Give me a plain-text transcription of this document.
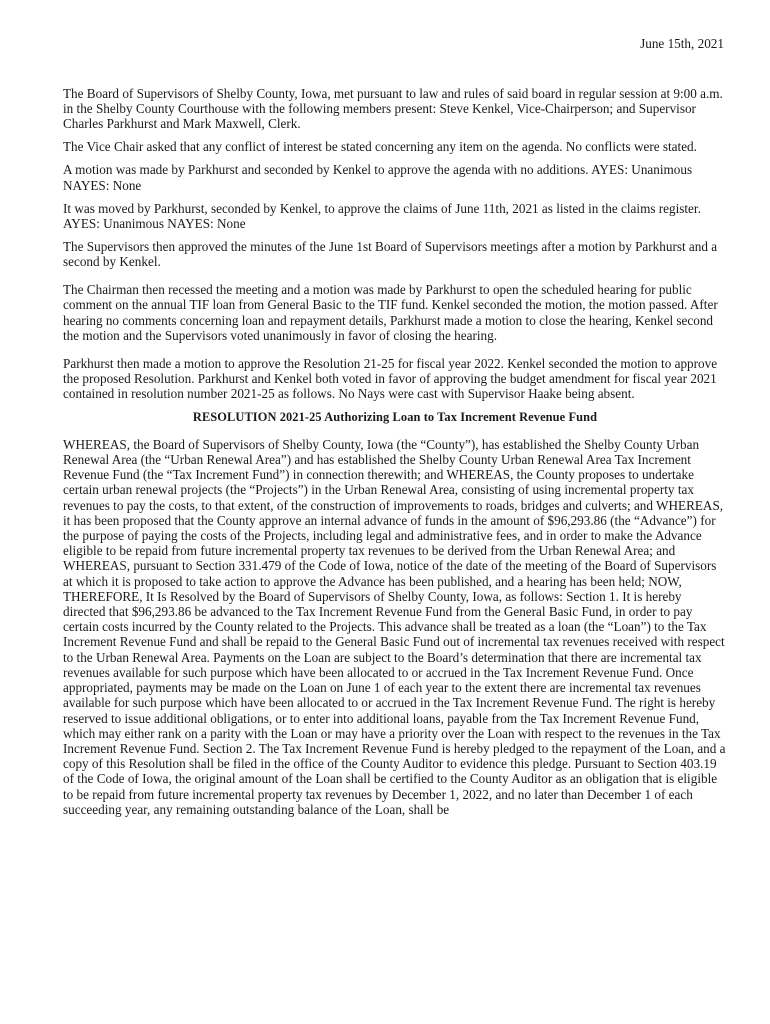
June 15th, 2021

The Board of Supervisors of Shelby County, Iowa, met pursuant to law and rules of said board in regular session at 9:00 a.m. in the Shelby County Courthouse with the following members present: Steve Kenkel, Vice-Chairperson; and Supervisor Charles Parkhurst and Mark Maxwell, Clerk.

The Vice Chair asked that any conflict of interest be stated concerning any item on the agenda. No conflicts were stated.

A motion was made by Parkhurst and seconded by Kenkel to approve the agenda with no additions. AYES: Unanimous NAYES: None

It was moved by Parkhurst, seconded by Kenkel, to approve the claims of June 11th, 2021 as listed in the claims register. AYES: Unanimous NAYES: None

The Supervisors then approved the minutes of the June 1st Board of Supervisors meetings after a motion by Parkhurst and a second by Kenkel.

The Chairman then recessed the meeting and a motion was made by Parkhurst to open the scheduled hearing for public comment on the annual TIF loan from General Basic to the TIF fund. Kenkel seconded the motion, the motion passed. After hearing no comments concerning loan and repayment details, Parkhurst made a motion to close the hearing, Kenkel second the motion and the Supervisors voted unanimously in favor of closing the hearing.

Parkhurst then made a motion to approve the Resolution 21-25 for fiscal year 2022. Kenkel seconded the motion to approve the proposed Resolution. Parkhurst and Kenkel both voted in favor of approving the budget amendment for fiscal year 2021 contained in resolution number 2021-25 as follows. No Nays were cast with Supervisor Haake being absent.

RESOLUTION 2021-25 Authorizing Loan to Tax Increment Revenue Fund

WHEREAS, the Board of Supervisors of Shelby County, Iowa (the “County”), has established the Shelby County Urban Renewal Area (the “Urban Renewal Area”) and has established the Shelby County Urban Renewal Area Tax Increment Revenue Fund (the “Tax Increment Fund”) in connection therewith; and WHEREAS, the County proposes to undertake certain urban renewal projects (the “Projects”) in the Urban Renewal Area, consisting of using incremental property tax revenues to pay the costs, to that extent, of the construction of improvements to roads, bridges and culverts; and WHEREAS, it has been proposed that the County approve an internal advance of funds in the amount of $96,293.86 (the “Advance”) for the purpose of paying the costs of the Projects, including legal and administrative fees, and in order to make the Advance eligible to be repaid from future incremental property tax revenues to be derived from the Urban Renewal Area; and WHEREAS, pursuant to Section 331.479 of the Code of Iowa, notice of the date of the meeting of the Board of Supervisors at which it is proposed to take action to approve the Advance has been published, and a hearing has been held; NOW, THEREFORE, It Is Resolved by the Board of Supervisors of Shelby County, Iowa, as follows: Section 1. It is hereby directed that $96,293.86 be advanced to the Tax Increment Revenue Fund from the General Basic Fund, in order to pay certain costs incurred by the County related to the Projects. This advance shall be treated as a loan (the “Loan”) to the Tax Increment Revenue Fund and shall be repaid to the General Basic Fund out of incremental tax revenues received with respect to the Urban Renewal Area. Payments on the Loan are subject to the Board’s determination that there are incremental tax revenues available for such purpose which have been allocated to or accrued in the Tax Increment Revenue Fund. Once appropriated, payments may be made on the Loan on June 1 of each year to the extent there are incremental tax revenues available for such purpose which have been allocated to or accrued in the Tax Increment Revenue Fund. The right is hereby reserved to issue additional obligations, or to enter into additional loans, payable from the Tax Increment Revenue Fund, which may either rank on a parity with the Loan or may have a priority over the Loan with respect to the revenues in the Tax Increment Revenue Fund. Section 2. The Tax Increment Revenue Fund is hereby pledged to the repayment of the Loan, and a copy of this Resolution shall be filed in the office of the County Auditor to evidence this pledge. Pursuant to Section 403.19 of the Code of Iowa, the original amount of the Loan shall be certified to the County Auditor as an obligation that is eligible to be repaid from future incremental property tax revenues by December 1, 2022, and no later than December 1 of each succeeding year, any remaining outstanding balance of the Loan, shall be
